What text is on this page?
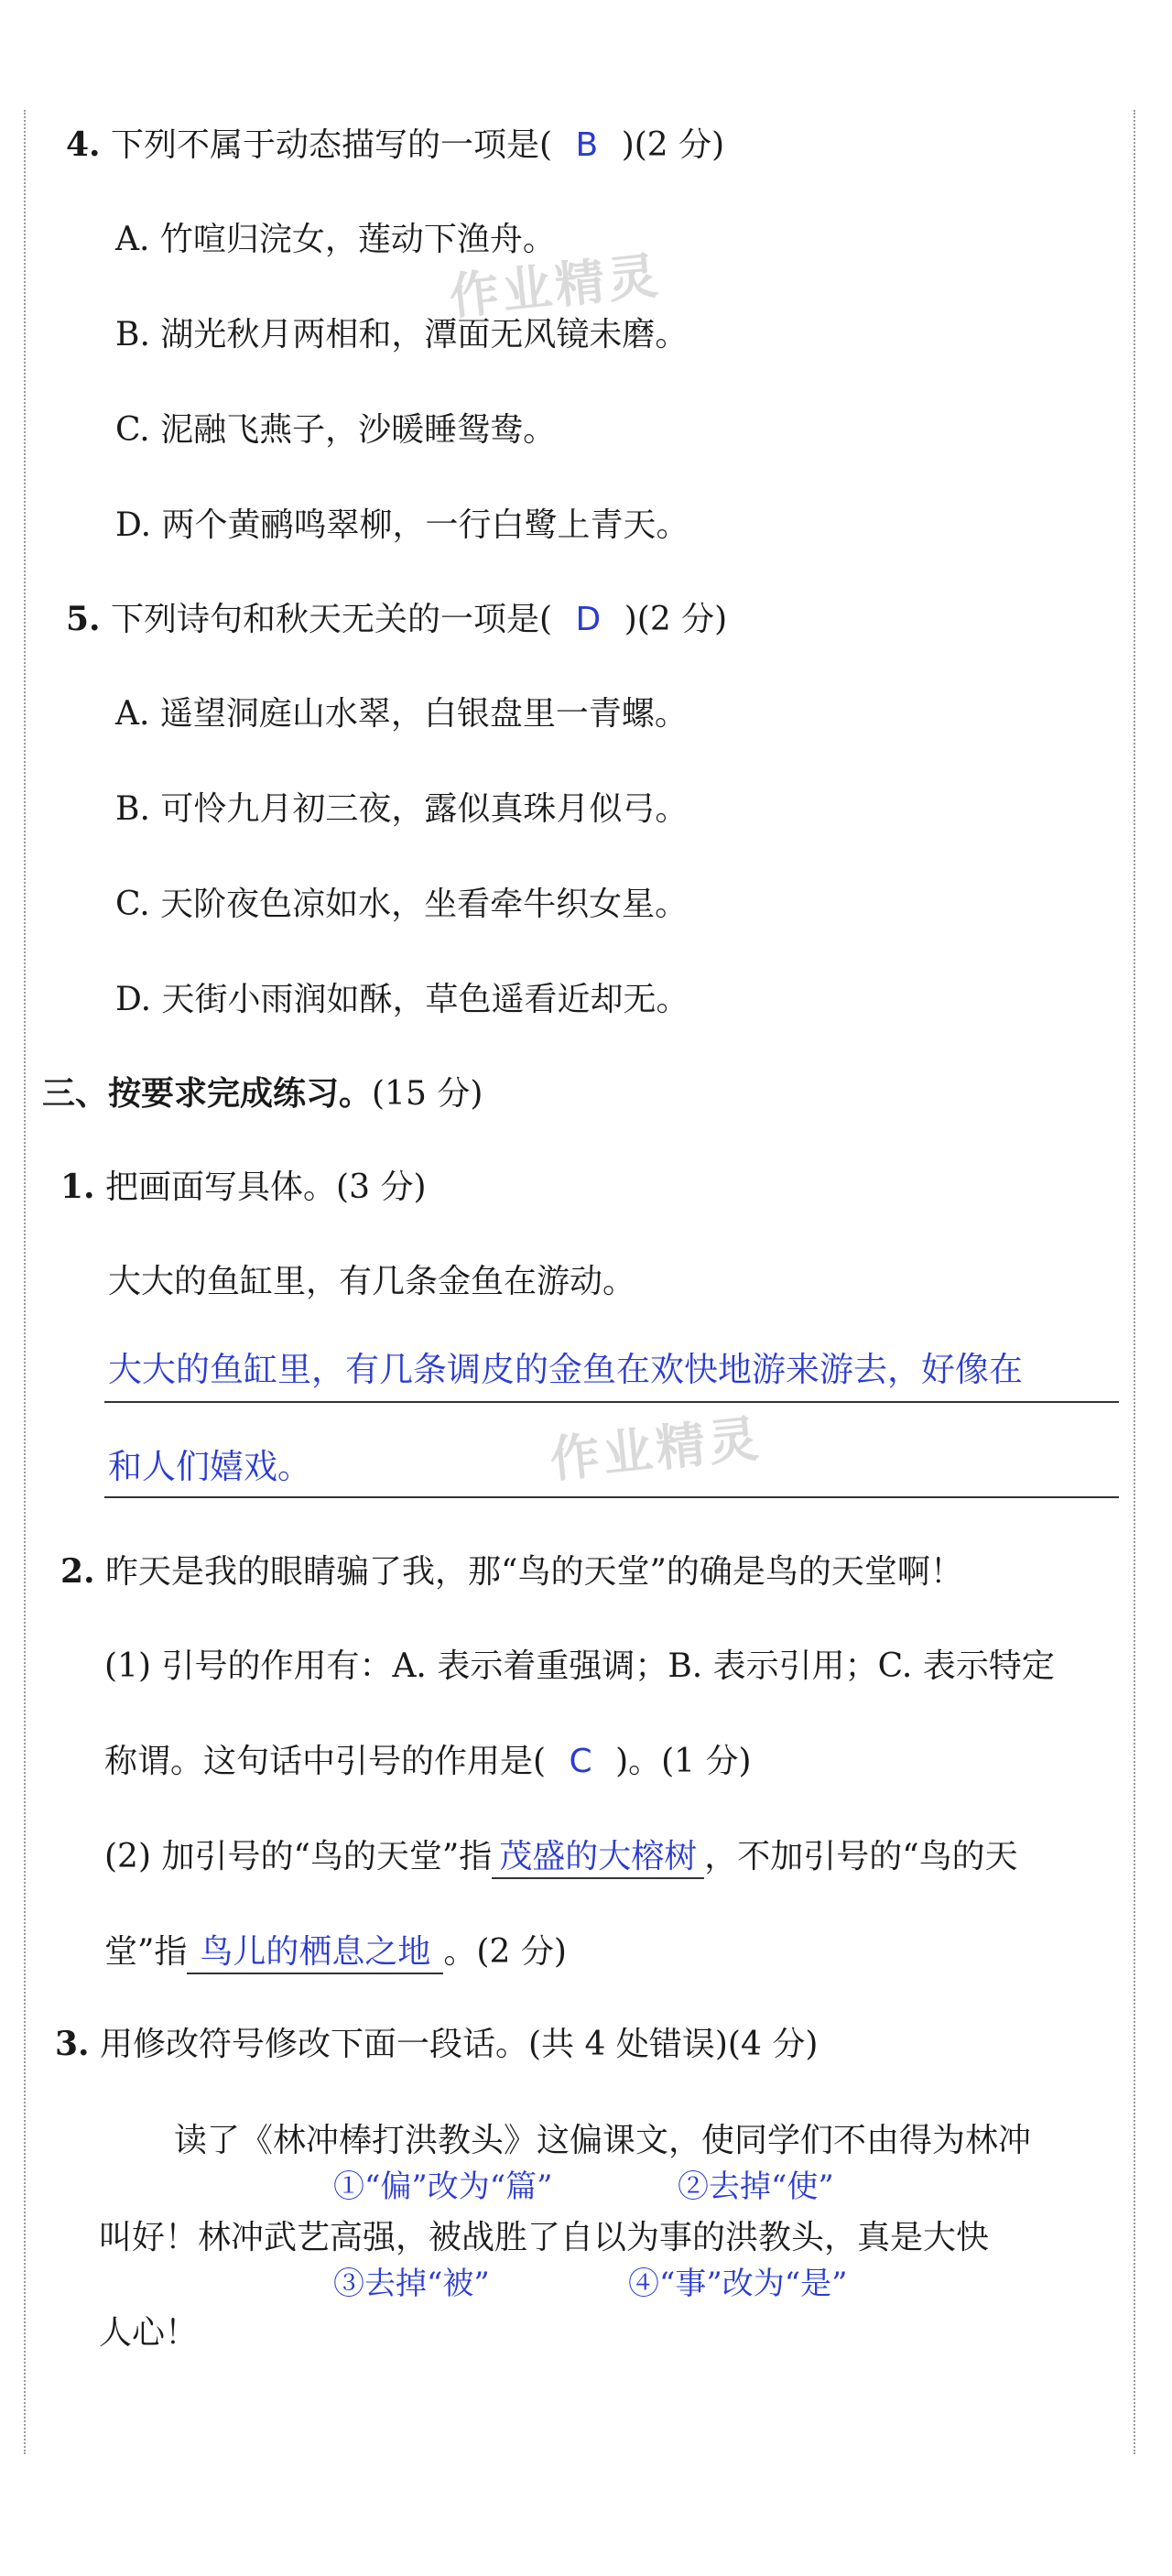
4. 下列不属于动态描写的一项是( B )(2 分)
A. 竹喧归浣女，莲动下渔舟。
B. 湖光秋月两相和，潭面无风镜未磨。
C. 泥融飞燕子，沙暖睡鸳鸯。
D. 两个黄鹂鸣翠柳，一行白鹭上青天。
作业精灵
5. 下列诗句和秋天无关的一项是( D )(2 分)
A. 遥望洞庭山水翠，白银盘里一青螺。
B. 可怜九月初三夜，露似真珠月似弓。
C. 天阶夜色凉如水，坐看牵牛织女星。
D. 天街小雨润如酥，草色遥看近却无。
三、按要求完成练习。(15 分)
1. 把画面写具体。(3 分)
大大的鱼缸里，有几条金鱼在游动。
大大的鱼缸里，有几条调皮的金鱼在欢快地游来游去，好像在
和人们嬉戏。	作业精灵
2. 昨天是我的眼睛骗了我，那“鸟的天堂”的确是鸟的天堂啊！
(1) 引号的作用有：A. 表示着重强调；B. 表示引用；C. 表示特定
称谓。这句话中引号的作用是( C )。(1 分)
(2) 加引号的“鸟的天堂”指 茂盛的大榕树 ，不加引号的“鸟的天
堂”指 鸟儿的栖息之地 。(2 分)
3. 用修改符号修改下面一段话。(共 4 处错误)(4 分)
读了《林冲棒打洪教头》这偏课文，使同学们不由得为林冲
①“偏”改为“篇”	②去掉“使”
叫好！林冲武艺高强，被战胜了自以为事的洪教头，真是大快
③去掉“被”	④“事”改为“是”
人心！
